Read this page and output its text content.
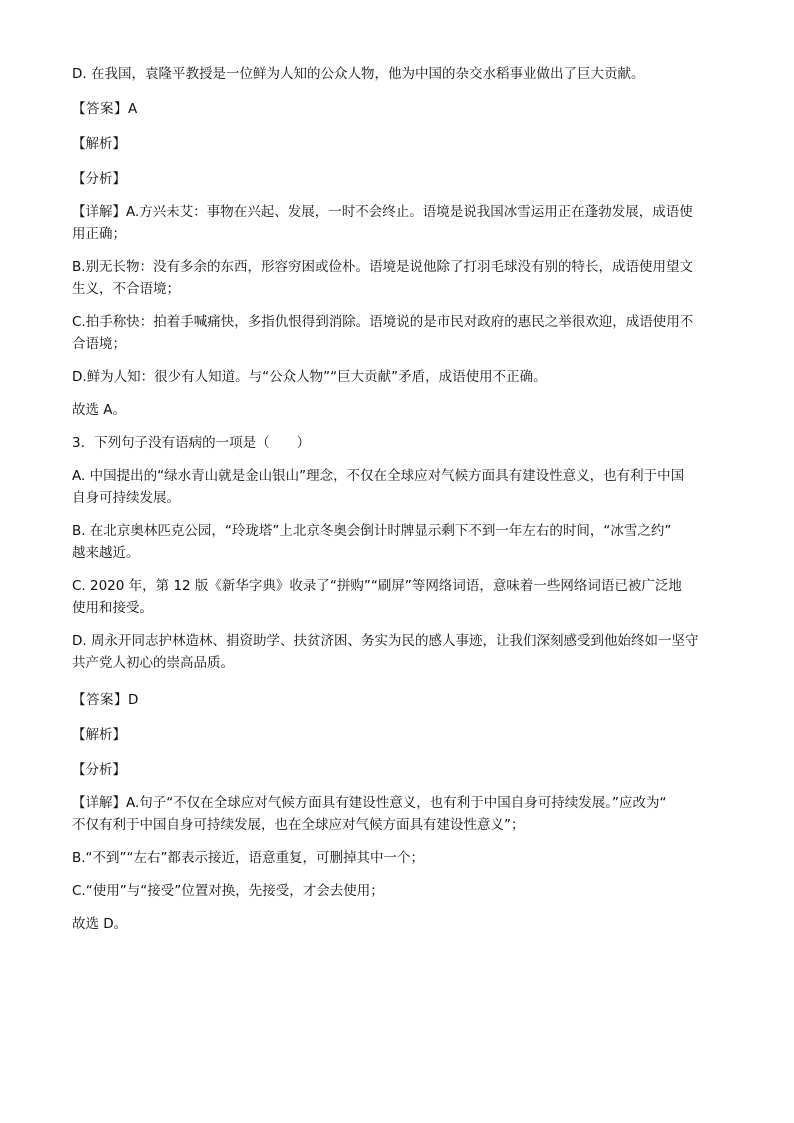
D. 在我国，袁隆平教授是一位鲜为人知的公众人物，他为中国的杂交水稻事业做出了巨大贡献。

【答案】A

【解析】

【分析】

【详解】A.方兴未艾：事物在兴起、发展，一时不会终止。语境是说我国冰雪运用正在蓬勃发展，成语使

用正确；

B.别无长物：没有多余的东西，形容穷困或俭朴。语境是说他除了打羽毛球没有别的特长，成语使用望文

生义，不合语境；

C.拍手称快：拍着手喊痛快，多指仇恨得到消除。语境说的是市民对政府的惠民之举很欢迎，成语使用不

合语境；

D.鲜为人知：很少有人知道。与“公众人物”“巨大贡献”矛盾，成语使用不正确。

故选 A。

3．下列句子没有语病的一项是（　　）

A. 中国提出的“绿水青山就是金山银山”理念，不仅在全球应对气候方面具有建设性意义，也有利于中国

自身可持续发展。

B. 在北京奥林匹克公园，“玲珑塔”上北京冬奥会倒计时牌显示剩下不到一年左右的时间，“冰雪之约”

越来越近。

C. 2020 年，第 12 版《新华字典》收录了“拼购”“刷屏”等网络词语，意味着一些网络词语已被广泛地

使用和接受。

D. 周永开同志护林造林、捐资助学、扶贫济困、务实为民的感人事迹，让我们深刻感受到他始终如一坚守

共产党人初心的崇高品质。

【答案】D

【解析】

【分析】

【详解】A.句子“不仅在全球应对气候方面具有建设性意义，也有利于中国自身可持续发展。”应改为“

不仅有利于中国自身可持续发展，也在全球应对气候方面具有建设性意义”；

B.“不到”“左右”都表示接近，语意重复，可删掉其中一个；

C.“使用”与“接受”位置对换，先接受，才会去使用；

故选 D。
